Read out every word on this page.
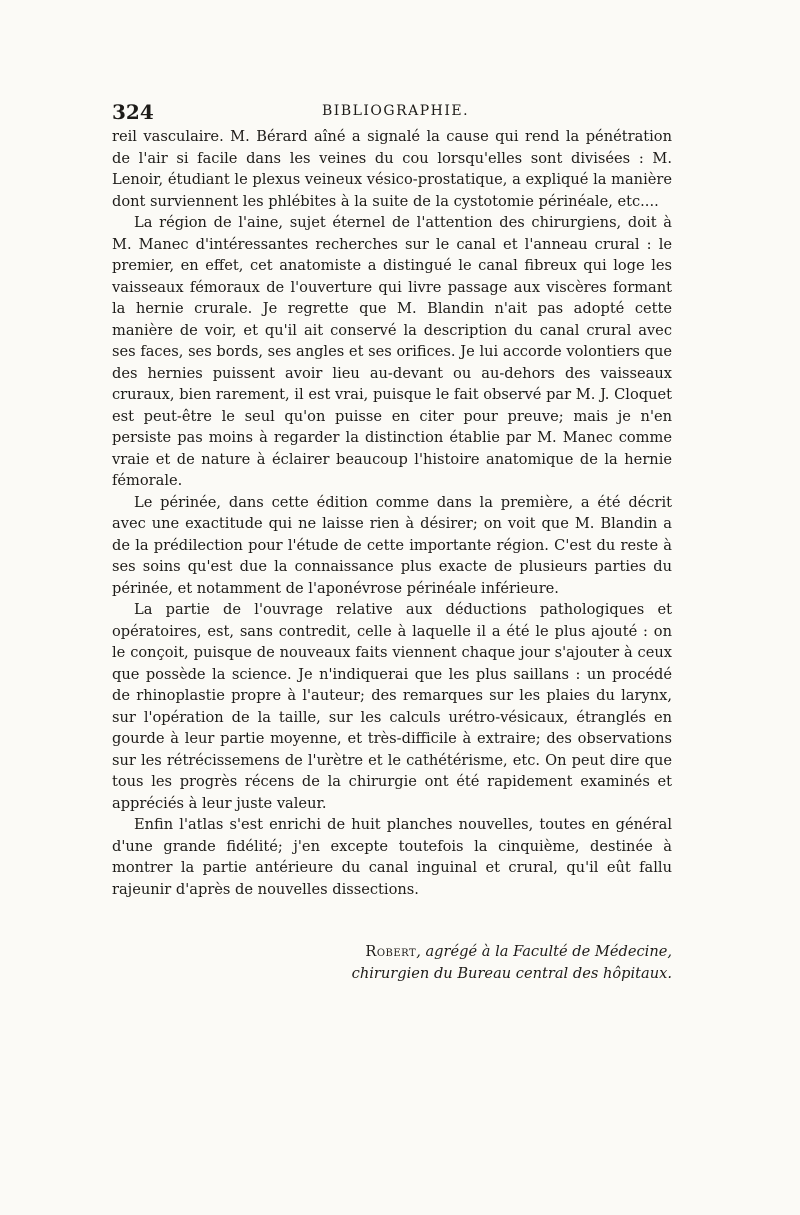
324	BIBLIOGRAPHIE.

reil vasculaire. M. Bérard aîné a signalé la cause qui rend la pénétration de l'air si facile dans les veines du cou lorsqu'elles sont divisées : M. Lenoir, étudiant le plexus veineux vésico-prostatique, a expliqué la manière dont surviennent les phlébites à la suite de la cystotomie périnéale, etc....

La région de l'aine, sujet éternel de l'attention des chirurgiens, doit à M. Manec d'intéressantes recherches sur le canal et l'anneau crural : le premier, en effet, cet anatomiste a distingué le canal fibreux qui loge les vaisseaux fémoraux de l'ouverture qui livre passage aux viscères formant la hernie crurale. Je regrette que M. Blandin n'ait pas adopté cette manière de voir, et qu'il ait conservé la description du canal crural avec ses faces, ses bords, ses angles et ses orifices. Je lui accorde volontiers que des hernies puissent avoir lieu au-devant ou au-dehors des vaisseaux cruraux, bien rarement, il est vrai, puisque le fait observé par M. J. Cloquet est peut-être le seul qu'on puisse en citer pour preuve; mais je n'en persiste pas moins à regarder la distinction établie par M. Manec comme vraie et de nature à éclairer beaucoup l'histoire anatomique de la hernie fémorale.

Le périnée, dans cette édition comme dans la première, a été décrit avec une exactitude qui ne laisse rien à désirer; on voit que M. Blandin a de la prédilection pour l'étude de cette importante région. C'est du reste à ses soins qu'est due la connaissance plus exacte de plusieurs parties du périnée, et notamment de l'aponévrose périnéale inférieure.

La partie de l'ouvrage relative aux déductions pathologiques et opératoires, est, sans contredit, celle à laquelle il a été le plus ajouté : on le conçoit, puisque de nouveaux faits viennent chaque jour s'ajouter à ceux que possède la science. Je n'indiquerai que les plus saillans : un procédé de rhinoplastie propre à l'auteur; des remarques sur les plaies du larynx, sur l'opération de la taille, sur les calculs urétro-vésicaux, étranglés en gourde à leur partie moyenne, et très-difficile à extraire; des observations sur les rétrécissemens de l'urètre et le cathétérisme, etc. On peut dire que tous les progrès récens de la chirurgie ont été rapidement examinés et appréciés à leur juste valeur.

Enfin l'atlas s'est enrichi de huit planches nouvelles, toutes en général d'une grande fidélité; j'en excepte toutefois la cinquième, destinée à montrer la partie antérieure du canal inguinal et crural, qu'il eût fallu rajeunir d'après de nouvelles dissections.

Robert, agrégé à la Faculté de Médecine,
chirurgien du Bureau central des hôpitaux.
